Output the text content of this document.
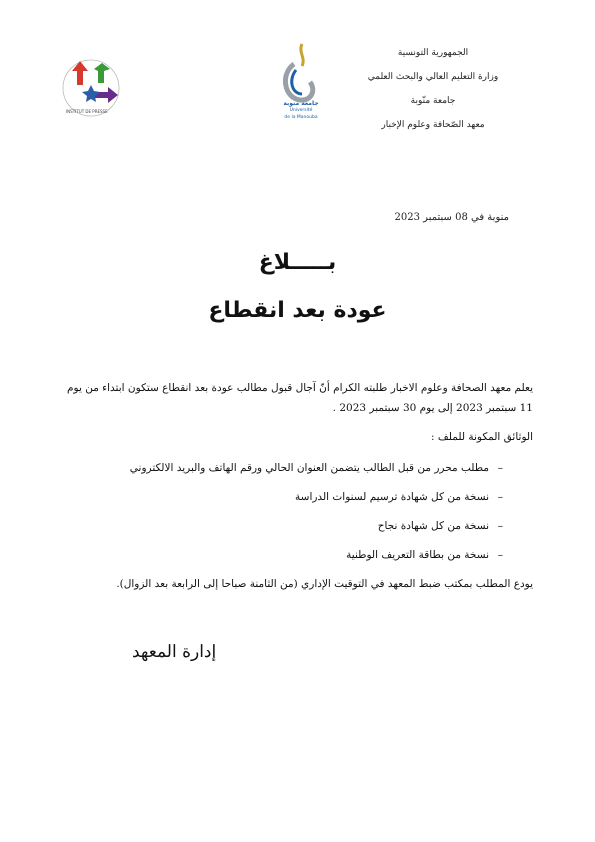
INSTITUT DE PRESSE
جامعة منوبة
Université
de la Manouba
الجمهورية التونسية
وزارة التعليم العالي والبحث العلمي
جامعة منّوبة
معهد الصّحافة وعلوم الإخبار
منوبة في 08 سبتمبر 2023
بـــــلاغ
عودة بعد انقطاع

يعلم معهد الصحافة وعلوم الاخبار طلبته الكرام أنّ آجال قبول مطالب عودة بعد انقطاع ستكون ابتداء من يوم 11 سبتمبر 2023 إلى يوم 30 سبتمبر 2023 .

الوثائق المكونة للملف :
–
مطلب محرر من قبل الطالب يتضمن العنوان الحالي ورقم الهاتف والبريد الالكتروني
–
نسخة من كل شهادة ترسيم لسنوات الدراسة
–
نسخة من كل شهادة نجاح
–
نسخة من بطاقة التعريف الوطنية

يودع المطلب بمكتب ضبط المعهد في التوقيت الإداري (من الثامنة صباحا إلى الرابعة بعد الزوال).

إدارة المعهد
